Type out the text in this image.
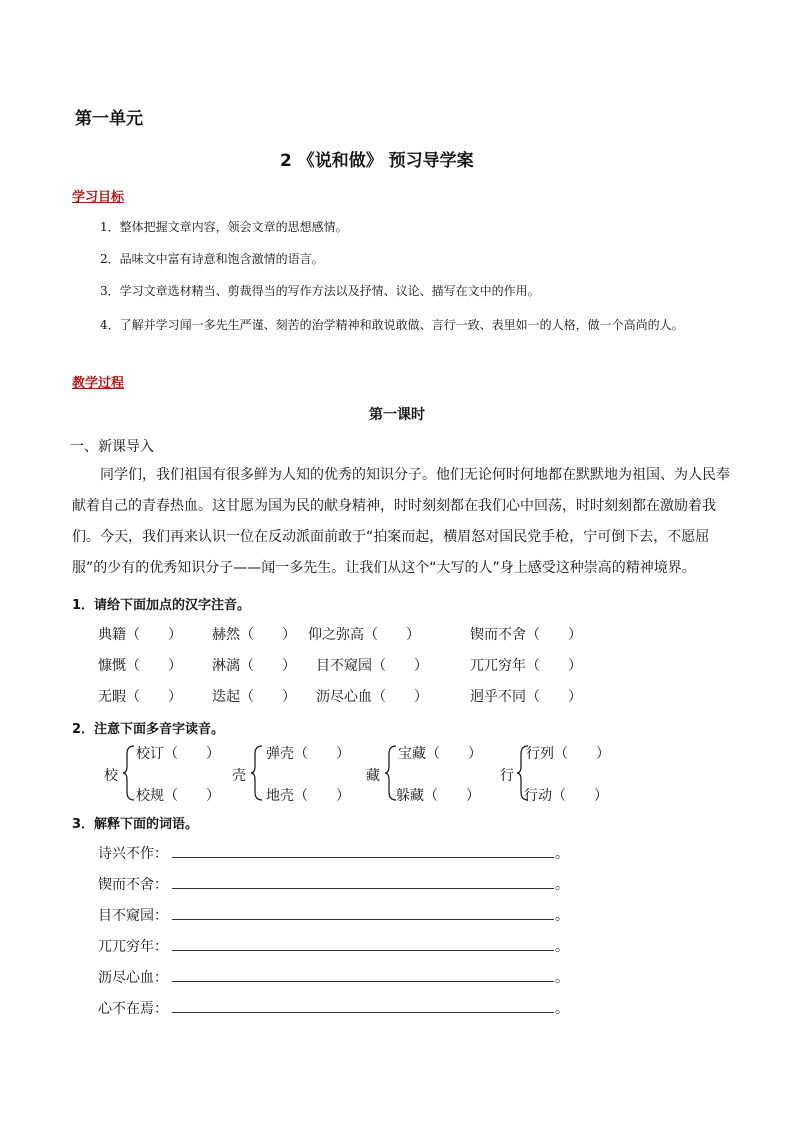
第一单元
2 《说和做》 预习导学案
学习目标
1．整体把握文章内容，领会文章的思想感情。
2．品味文中富有诗意和饱含激情的语言。
3．学习文章选材精当、剪裁得当的写作方法以及抒情、议论、描写在文中的作用。
4．了解并学习闻一多先生严谨、刻苦的治学精神和敢说敢做、言行一致、表里如一的人格，做一个高尚的人。
教学过程
第一课时
一、新课导入
同学们，我们祖国有很多鲜为人知的优秀的知识分子。他们无论何时何地都在默默地为祖国、为人民奉献着自己的青春热血。这甘愿为国为民的献身精神，时时刻刻都在我们心中回荡，时时刻刻都在激励着我们。今天，我们再来认识一位在反动派面前敢于“拍案而起，横眉怒对国民党手枪，宁可倒下去，不愿屈服”的少有的优秀知识分子——闻一多先生。让我们从这个“大写的人”身上感受这种崇高的精神境界。
1．请给下面加点的汉字注音。
典籍（　　） 赫然（　　） 仰之弥高（　　）	锲而不舍（　　）
慷慨（　　） 淋漓（　　） 目不窥园（　　）	兀兀穷年（　　）
无暇（　　） 迭起（　　） 沥尽心血（　　）	迥乎不同（　　）
2．注意下面多音字读音。
校
校订（　　）
校规（　　）
壳
弹壳（　　）
地壳（　　）
藏
宝藏（　　）
躲藏（　　）
行
行列（　　）
行动（　　）
3．解释下面的词语。
诗兴不作：	。
锲而不舍：	。
目不窥园：	。
兀兀穷年：	。
沥尽心血：	。
心不在焉：	。
